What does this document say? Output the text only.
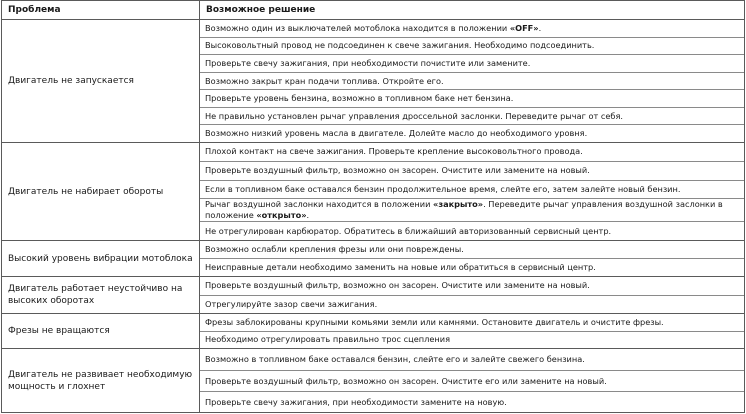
Проблема	Возможное решение
Двигатель не запускается
Возможно один из выключателей мотоблока находится в положении «OFF».
Высоковольтный провод не подсоединен к свече зажигания. Необходимо подсоединить.
Проверьте свечу зажигания, при необходимости почистите или замените.
Возможно закрыт кран подачи топлива. Откройте его.
Проверьте уровень бензина, возможно в топливном баке нет бензина.
Не правильно установлен рычаг управления дроссельной заслонки. Переведите рычаг от себя.
Возможно низкий уровень масла в двигателе. Долейте масло до необходимого уровня.
Двигатель не набирает обороты
Плохой контакт на свече зажигания. Проверьте крепление высоковольтного провода.
Проверьте воздушный фильтр, возможно он засорен. Очистите или замените на новый.
Если в топливном баке оставался бензин продолжительное время, слейте его, затем залейте новый бензин.
Рычаг воздушной заслонки находится в положении «закрыто». Переведите рычаг управления воздушной заслонки в положение «открыто».
Не отрегулирован карбюратор. Обратитесь в ближайший авторизованный сервисный центр.
Высокий уровень вибрации мотоблока
Возможно ослабли крепления фрезы или они повреждены.
Неисправные детали необходимо заменить на новые или обратиться в сервисный центр.
Двигатель работает неустойчиво на высоких оборотах
Проверьте воздушный фильтр, возможно он засорен. Очистите или замените на новый.
Отрегулируйте зазор свечи зажигания.
Фрезы не вращаются
Фрезы заблокированы крупными комьями земли или камнями. Остановите двигатель и очистите фрезы.
Необходимо отрегулировать правильно трос сцепления
Двигатель не развивает необходимую мощность и глохнет
Возможно в топливном баке оставался бензин, слейте его и залейте свежего бензина.
Проверьте воздушный фильтр, возможно он засорен. Очистите его или замените на новый.
Проверьте свечу зажигания, при необходимости замените на новую.
